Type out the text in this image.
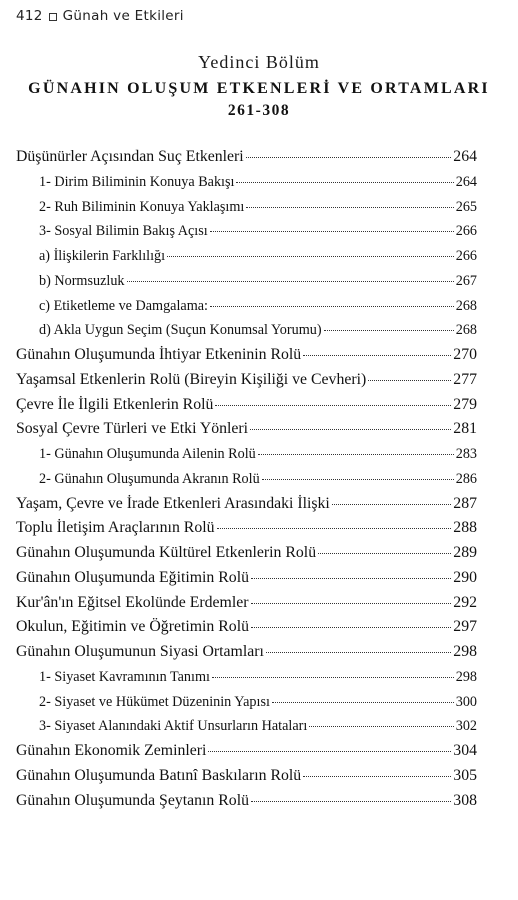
412 Günah ve Etkileri
Yedinci Bölüm
GÜNAHIN OLUŞUM ETKENLERİ VE ORTAMLARI
261-308
Düşünürler Açısından Suç Etkenleri	264
1- Dirim Biliminin Konuya Bakışı	264
2- Ruh Biliminin Konuya Yaklaşımı	265
3- Sosyal Bilimin Bakış Açısı	266
a) İlişkilerin Farklılığı	266
b) Normsuzluk	267
c) Etiketleme ve Damgalama:	268
d) Akla Uygun Seçim (Suçun Konumsal Yorumu)	268
Günahın Oluşumunda İhtiyar Etkeninin Rolü	270
Yaşamsal Etkenlerin Rolü (Bireyin Kişiliği ve Cevheri)	277
Çevre İle İlgili Etkenlerin Rolü	279
Sosyal Çevre Türleri ve Etki Yönleri	281
1- Günahın Oluşumunda Ailenin Rolü	283
2- Günahın Oluşumunda Akranın Rolü	286
Yaşam, Çevre ve İrade Etkenleri Arasındaki İlişki	287
Toplu İletişim Araçlarının Rolü	288
Günahın Oluşumunda Kültürel Etkenlerin Rolü	289
Günahın Oluşumunda Eğitimin Rolü	290
Kur'ân'ın Eğitsel Ekolünde Erdemler	292
Okulun, Eğitimin ve Öğretimin Rolü	297
Günahın Oluşumunun Siyasi Ortamları	298
1- Siyaset Kavramının Tanımı	298
2- Siyaset ve Hükümet Düzeninin Yapısı	300
3- Siyaset Alanındaki Aktif Unsurların Hataları	302
Günahın Ekonomik Zeminleri	304
Günahın Oluşumunda Batınî Baskıların Rolü	305
Günahın Oluşumunda Şeytanın Rolü	308
